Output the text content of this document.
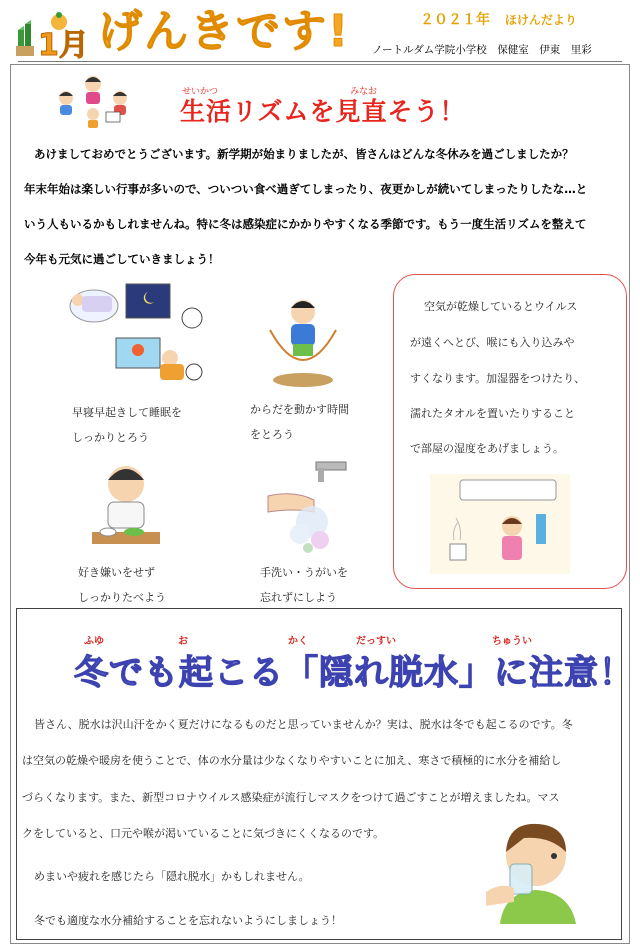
1月 げんきです!	２０２１年 ほけんだより
ノートルダム学院小学校　保健室　伊東　里彩
せいかつ	みなお
生活リズムを見直そう！
あけましておめでとうございます。新学期が始まりましたが、皆さんはどんな冬休みを過ごしましたか？
年末年始は楽しい行事が多いので、ついつい食べ過ぎてしまったり、夜更かしが続いてしまったりしたな…と
いう人もいるかもしれませんね。特に冬は感染症にかかりやすくなる季節です。もう一度生活リズムを整えて
今年も元気に過ごしていきましょう！
早寝早起きして睡眠を
しっかりとろう
からだを動かす時間
をとろう
好き嫌いをせず
しっかりたべよう
手洗い・うがいを
忘れずにしよう
空気が乾燥しているとウイルス
が遠くへとび、喉にも入り込みや
すくなります。加湿器をつけたり、
濡れたタオルを置いたりすること
で部屋の湿度をあげましょう。
ふゆ	お	かく	だっすい	ちゅうい
冬でも起こる「隠れ脱水」に注意！
皆さん、脱水は沢山汗をかく夏だけになるものだと思っていませんか？実は、脱水は冬でも起こるのです。冬
は空気の乾燥や暖房を使うことで、体の水分量は少なくなりやすいことに加え、寒さで積極的に水分を補給し
づらくなります。また、新型コロナウイルス感染症が流行しマスクをつけて過ごすことが増えましたね。マス
クをしていると、口元や喉が渇いていることに気づきにくくなるのです。
めまいや疲れを感じたら「隠れ脱水」かもしれません。
冬でも適度な水分補給することを忘れないようにしましょう！
